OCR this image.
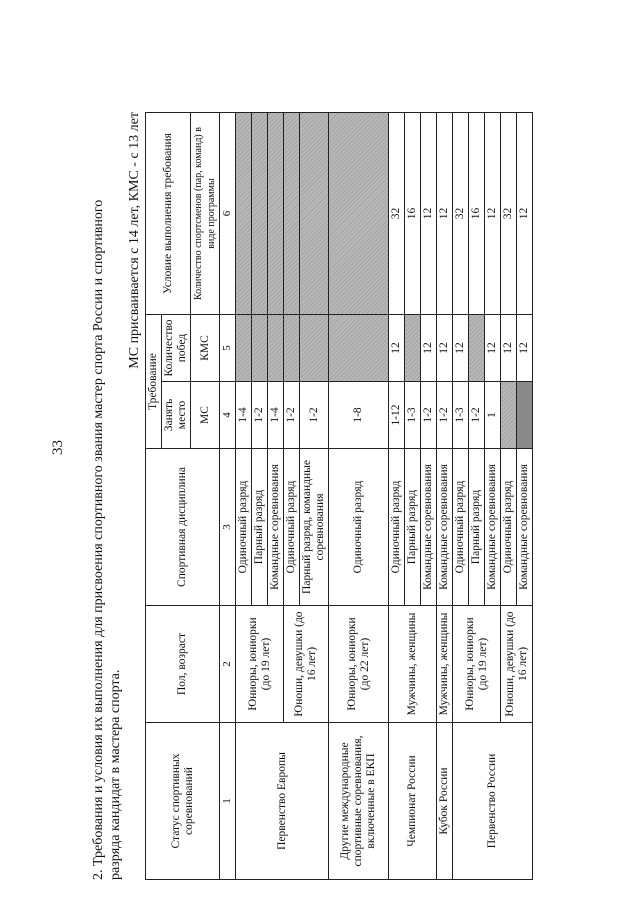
33 2. Требования и условия их выполнения для присвоения спортивного звания мастер спорта России и спортивного разряда кандидат в мастера спорта.

МС присваивается с 14 лет, КМС - с 13 лет
Статус спортивных соревнований	Пол, возраст	Спортивная дисциплина	Требование		Условие выполнения требования
			Занять место	Количество побед	
			МС	КМС	Количество спортсменов (пар, команд) в виде программы
1	2	3	4	5	6
Первенство Европы	Юниоры, юниорки (до 19 лет)	Одиночный разряд	1-4		
		Парный разряд	1-2		
		Командные соревнования	1-4		
	Юноши, девушки (до 16 лет)	Одиночный разряд	1-2		
		Парный разряд, командные соревнования	1-2		
Другие международные спортивные соревнования, включенные в ЕКП	Юниоры, юниорки (до 22 лет)	Одиночный разряд	1-8		
Чемпионат России	Мужчины, женщины	Одиночный разряд	1-12	12	32
		Парный разряд	1-3		16
		Командные соревнования	1-2	12	12
Кубок России	Мужчины, женщины	Командные соревнования	1-2	12	12
Первенство России	Юниоры, юниорки (до 19 лет)	Одиночный разряд	1-3	12	32
		Парный разряд	1-2		16
		Командные соревнования	1	12	12
	Юноши, девушки (до 16 лет)	Одиночный разряд		12	32
		Командные соревнования		12	12
